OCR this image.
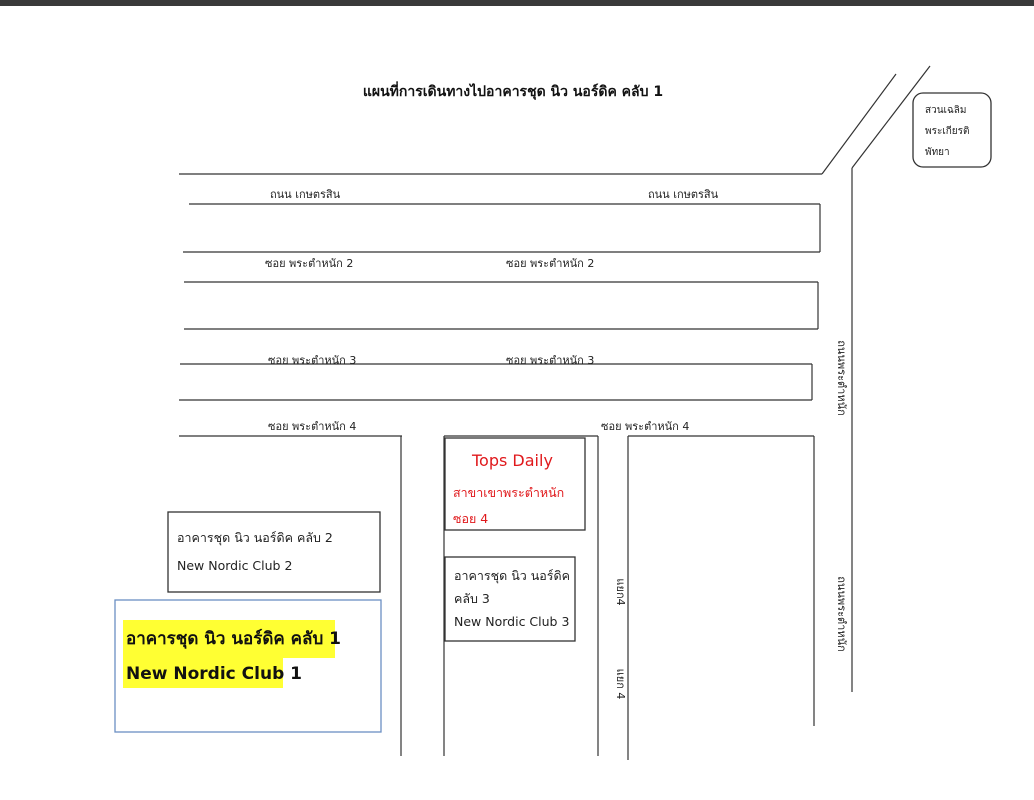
แผนที่การเดินทางไปอาคารชุด นิว นอร์ดิค คลับ 1
ถนน เกษตรสิน	ถนน เกษตรสิน
ซอย พระตำหนัก 2	ซอย พระตำหนัก 2
ซอย พระตำหนัก 3	ซอย พระตำหนัก 3
ซอย พระตำหนัก 4	ซอย พระตำหนัก 4
ถนนพระตำหนัก
ถนนพระตำหนัก
แยก4
แยก 4
สวนเฉลิม
พระเกียรติ
พัทยา
Tops Daily
สาขาเขาพระตำหนัก
ซอย 4
อาคารชุด นิว นอร์ดิค คลับ 2
New Nordic Club 2
อาคารชุด นิว นอร์ดิค
คลับ 3
New Nordic Club 3
อาคารชุด นิว นอร์ดิค คลับ 1
New Nordic Club 1
